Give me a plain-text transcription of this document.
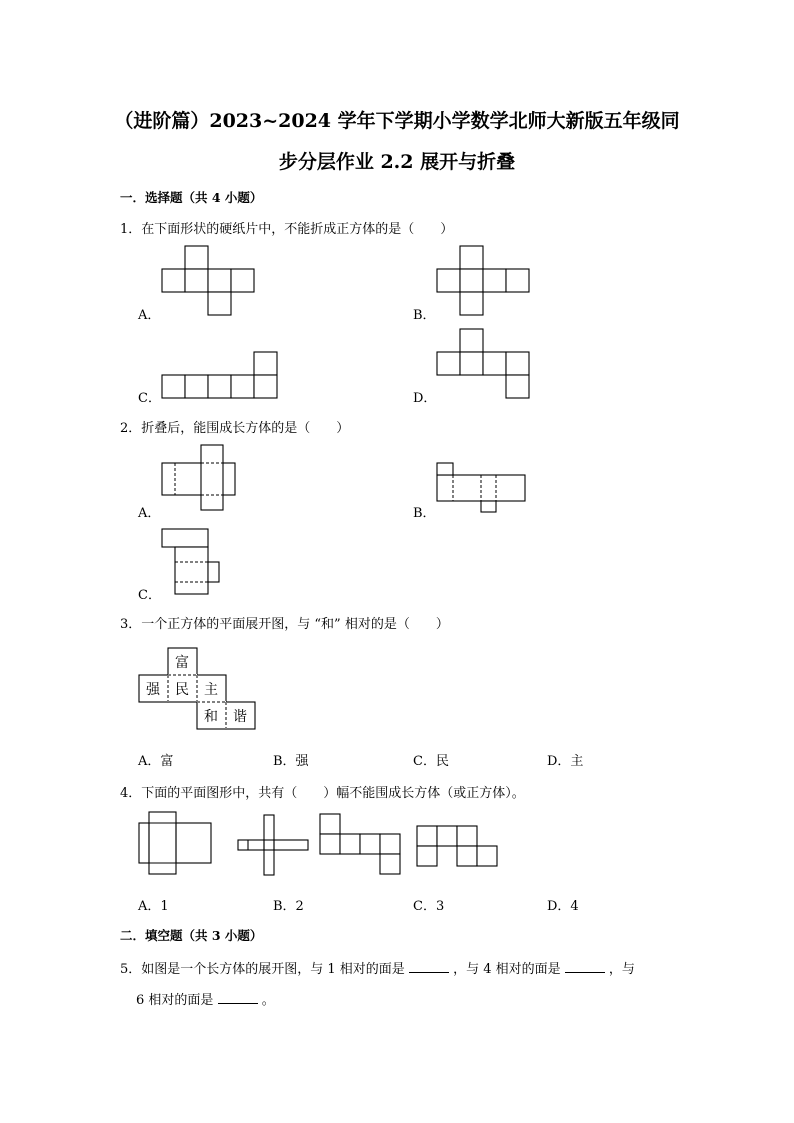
（进阶篇）2023~2024 学年下学期小学数学北师大新版五年级同
步分层作业 2.2 展开与折叠
一．选择题（共 4 小题）
1．在下面形状的硬纸片中，不能折成正方体的是（　　）
A．	B．
C．	D．
2．折叠后，能围成长方体的是（　　）
A．	B．
C．
3．一个正方体的平面展开图，与 “和” 相对的是（　　）
A．富	B．强	C．民	D．主
4．下面的平面图形中，共有（　　）幅不能围成长方体（或正方体）。
A．1	B．2	C．3	D．4
二．填空题（共 3 小题）
5．如图是一个长方体的展开图，与 1 相对的面是	，与 4 相对的面是	，与
6 相对的面是	。
富
强 民 主
和 谐
